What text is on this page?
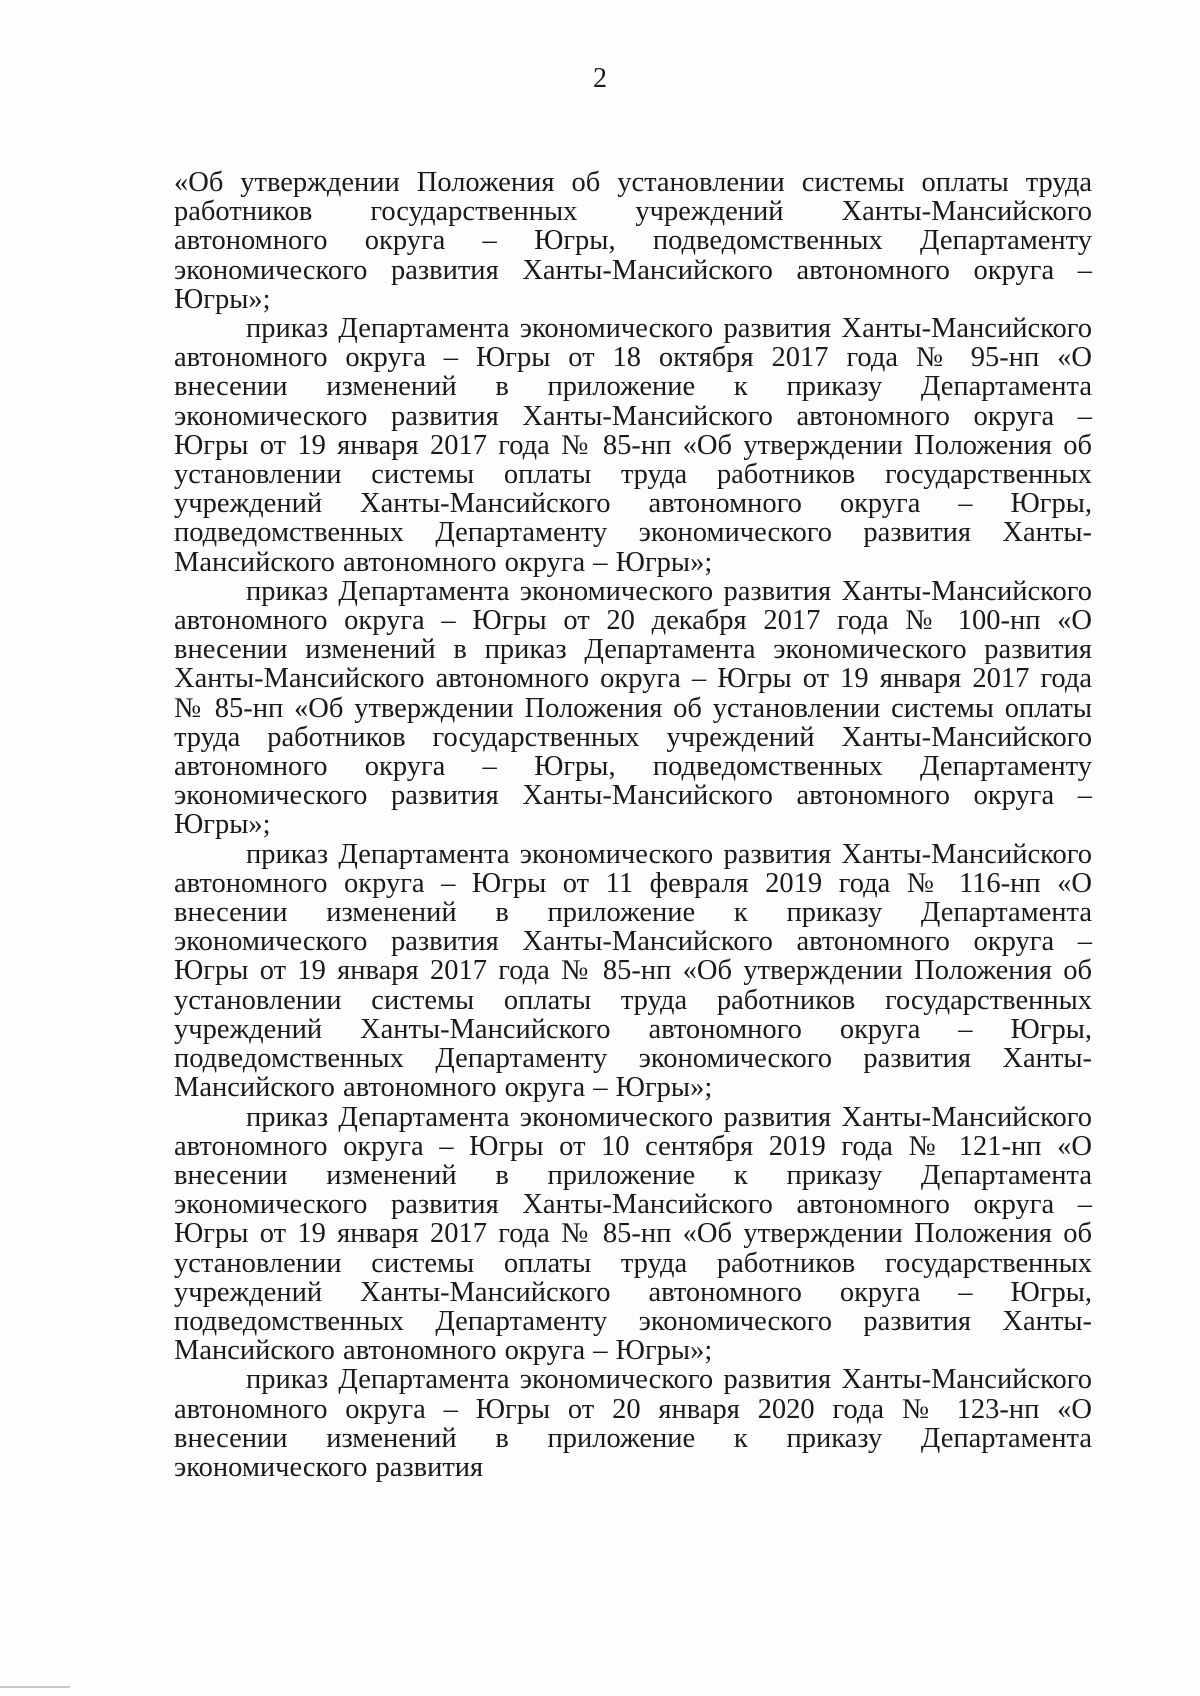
2

«Об утверждении Положения об установлении системы оплаты труда работников государственных учреждений Ханты-Мансийского автономного округа – Югры, подведомственных Департаменту экономического развития Ханты-Мансийского автономного округа – Югры»;

приказ Департамента экономического развития Ханты-Мансийского автономного округа – Югры от 18 октября 2017 года № 95-нп «О внесении изменений в приложение к приказу Департамента экономического развития Ханты-Мансийского автономного округа – Югры от 19 января 2017 года № 85-нп «Об утверждении Положения об установлении системы оплаты труда работников государственных учреждений Ханты-Мансийского автономного округа – Югры, подведомственных Департаменту экономического развития Ханты-Мансийского автономного округа – Югры»;

приказ Департамента экономического развития Ханты-Мансийского автономного округа – Югры от 20 декабря 2017 года № 100-нп «О внесении изменений в приказ Департамента экономического развития Ханты-Мансийского автономного округа – Югры от 19 января 2017 года № 85-нп «Об утверждении Положения об установлении системы оплаты труда работников государственных учреждений Ханты-Мансийского автономного округа – Югры, подведомственных Департаменту экономического развития Ханты-Мансийского автономного округа – Югры»;

приказ Департамента экономического развития Ханты-Мансийского автономного округа – Югры от 11 февраля 2019 года № 116-нп «О внесении изменений в приложение к приказу Департамента экономического развития Ханты-Мансийского автономного округа – Югры от 19 января 2017 года № 85-нп «Об утверждении Положения об установлении системы оплаты труда работников государственных учреждений Ханты-Мансийского автономного округа – Югры, подведомственных Департаменту экономического развития Ханты-Мансийского автономного округа – Югры»;

приказ Департамента экономического развития Ханты-Мансийского автономного округа – Югры от 10 сентября 2019 года № 121-нп «О внесении изменений в приложение к приказу Департамента экономического развития Ханты-Мансийского автономного округа – Югры от 19 января 2017 года № 85-нп «Об утверждении Положения об установлении системы оплаты труда работников государственных учреждений Ханты-Мансийского автономного округа – Югры, подведомственных Департаменту экономического развития Ханты-Мансийского автономного округа – Югры»;

приказ Департамента экономического развития Ханты-Мансийского автономного округа – Югры от 20 января 2020 года № 123-нп «О внесении изменений в приложение к приказу Департамента экономического развития
